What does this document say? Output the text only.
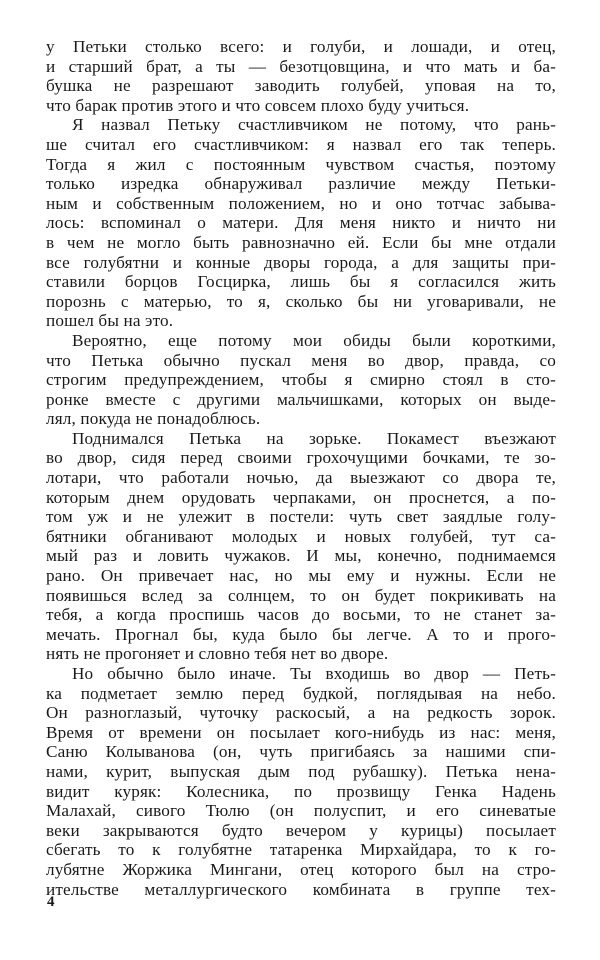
у Петьки столько всего: и голуби, и лошади, и отец,
и старший брат, а ты — безотцовщина, и что мать и ба-
бушка не разрешают заводить голубей, уповая на то,
что барак против этого и что совсем плохо буду учиться.
Я назвал Петьку счастливчиком не потому, что рань-
ше считал его счастливчиком: я назвал его так теперь.
Тогда я жил с постоянным чувством счастья, поэтому
только изредка обнаруживал различие между Петьки-
ным и собственным положением, но и оно тотчас забыва-
лось: вспоминал о матери. Для меня никто и ничто ни
в чем не могло быть равнозначно ей. Если бы мне отдали
все голубятни и конные дворы города, а для защиты при-
ставили борцов Госцирка, лишь бы я согласился жить
порознь с матерью, то я, сколько бы ни уговаривали, не
пошел бы на это.
Вероятно, еще потому мои обиды были короткими,
что Петька обычно пускал меня во двор, правда, со
строгим предупреждением, чтобы я смирно стоял в сто-
ронке вместе с другими мальчишками, которых он выде-
лял, покуда не понадоблюсь.
Поднимался Петька на зорьке. Покамест въезжают
во двор, сидя перед своими грохочущими бочками, те зо-
лотари, что работали ночью, да выезжают со двора те,
которым днем орудовать черпаками, он проснется, а по-
том уж и не улежит в постели: чуть свет заядлые голу-
бятники обганивают молодых и новых голубей, тут са-
мый раз и ловить чужаков. И мы, конечно, поднимаемся
рано. Он привечает нас, но мы ему и нужны. Если не
появишься вслед за солнцем, то он будет покрикивать на
тебя, а когда проспишь часов до восьми, то не станет за-
мечать. Прогнал бы, куда было бы легче. А то и прого-
нять не прогоняет и словно тебя нет во дворе.
Но обычно было иначе. Ты входишь во двор — Петь-
ка подметает землю перед будкой, поглядывая на небо.
Он разноглазый, чуточку раскосый, а на редкость зорок.
Время от времени он посылает кого-нибудь из нас: меня,
Саню Колыванова (он, чуть пригибаясь за нашими спи-
нами, курит, выпуская дым под рубашку). Петька нена-
видит куряк: Колесника, по прозвищу Генка Надень
Малахай, сивого Тюлю (он полуспит, и его синеватые
веки закрываются будто вечером у курицы) посылает
сбегать то к голубятне татаренка Мирхайдара, то к го-
лубятне Жоржика Мингани, отец которого был на стро-
ительстве металлургического комбината в группе тех-
4
